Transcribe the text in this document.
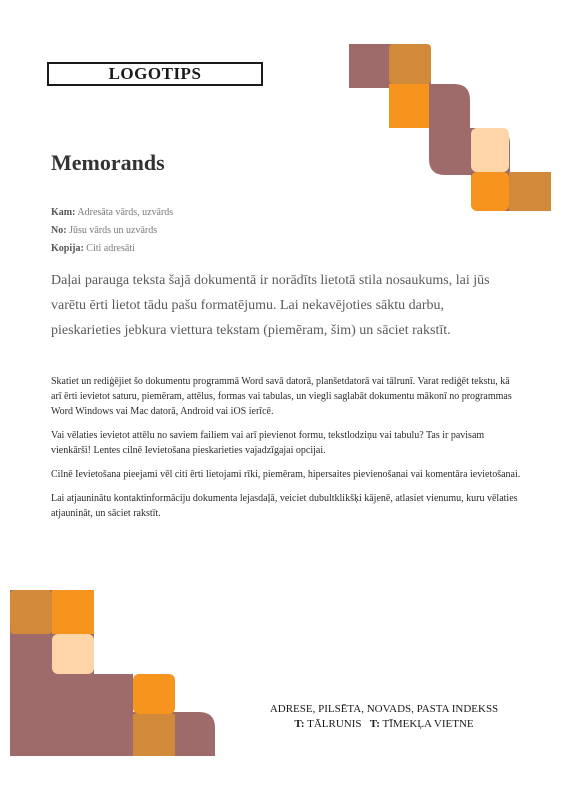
LOGOTIPS
Memorands
Kam: Adresāta vārds, uzvārds
No: Jūsu vārds un uzvārds
Kopija: Citi adresāti

Daļai parauga teksta šajā dokumentā ir norādīts lietotā stila nosaukums, lai jūs varētu ērti lietot tādu pašu formatējumu. Lai nekavējoties sāktu darbu, pieskarieties jebkura viettura tekstam (piemēram, šim) un sāciet rakstīt.

Skatiet un rediģējiet šo dokumentu programmā Word savā datorā, planšetdatorā vai tālrunī. Varat rediģēt tekstu, kā arī ērti ievietot saturu, piemēram, attēlus, formas vai tabulas, un viegli saglabāt dokumentu mākonī no programmas Word Windows vai Mac datorā, Android vai iOS ierīcē.

Vai vēlaties ievietot attēlu no saviem failiem vai arī pievienot formu, tekstlodziņu vai tabulu? Tas ir pavisam vienkārši! Lentes cilnē Ievietošana pieskarieties vajadzīgajai opcijai.

Cilnē Ievietošana pieejami vēl citi ērti lietojami rīki, piemēram, hipersaites pievienošanai vai komentāra ievietošanai.

Lai atjauninātu kontaktinformāciju dokumenta lejasdaļā, veiciet dubultklikšķi kājenē, atlasiet vienumu, kuru vēlaties atjaunināt, un sāciet rakstīt.

ADRESE, PILSĒTA, NOVADS, PASTA INDEKSS
T: TĀLRUNIS T: TĪMEKĻA VIETNE
